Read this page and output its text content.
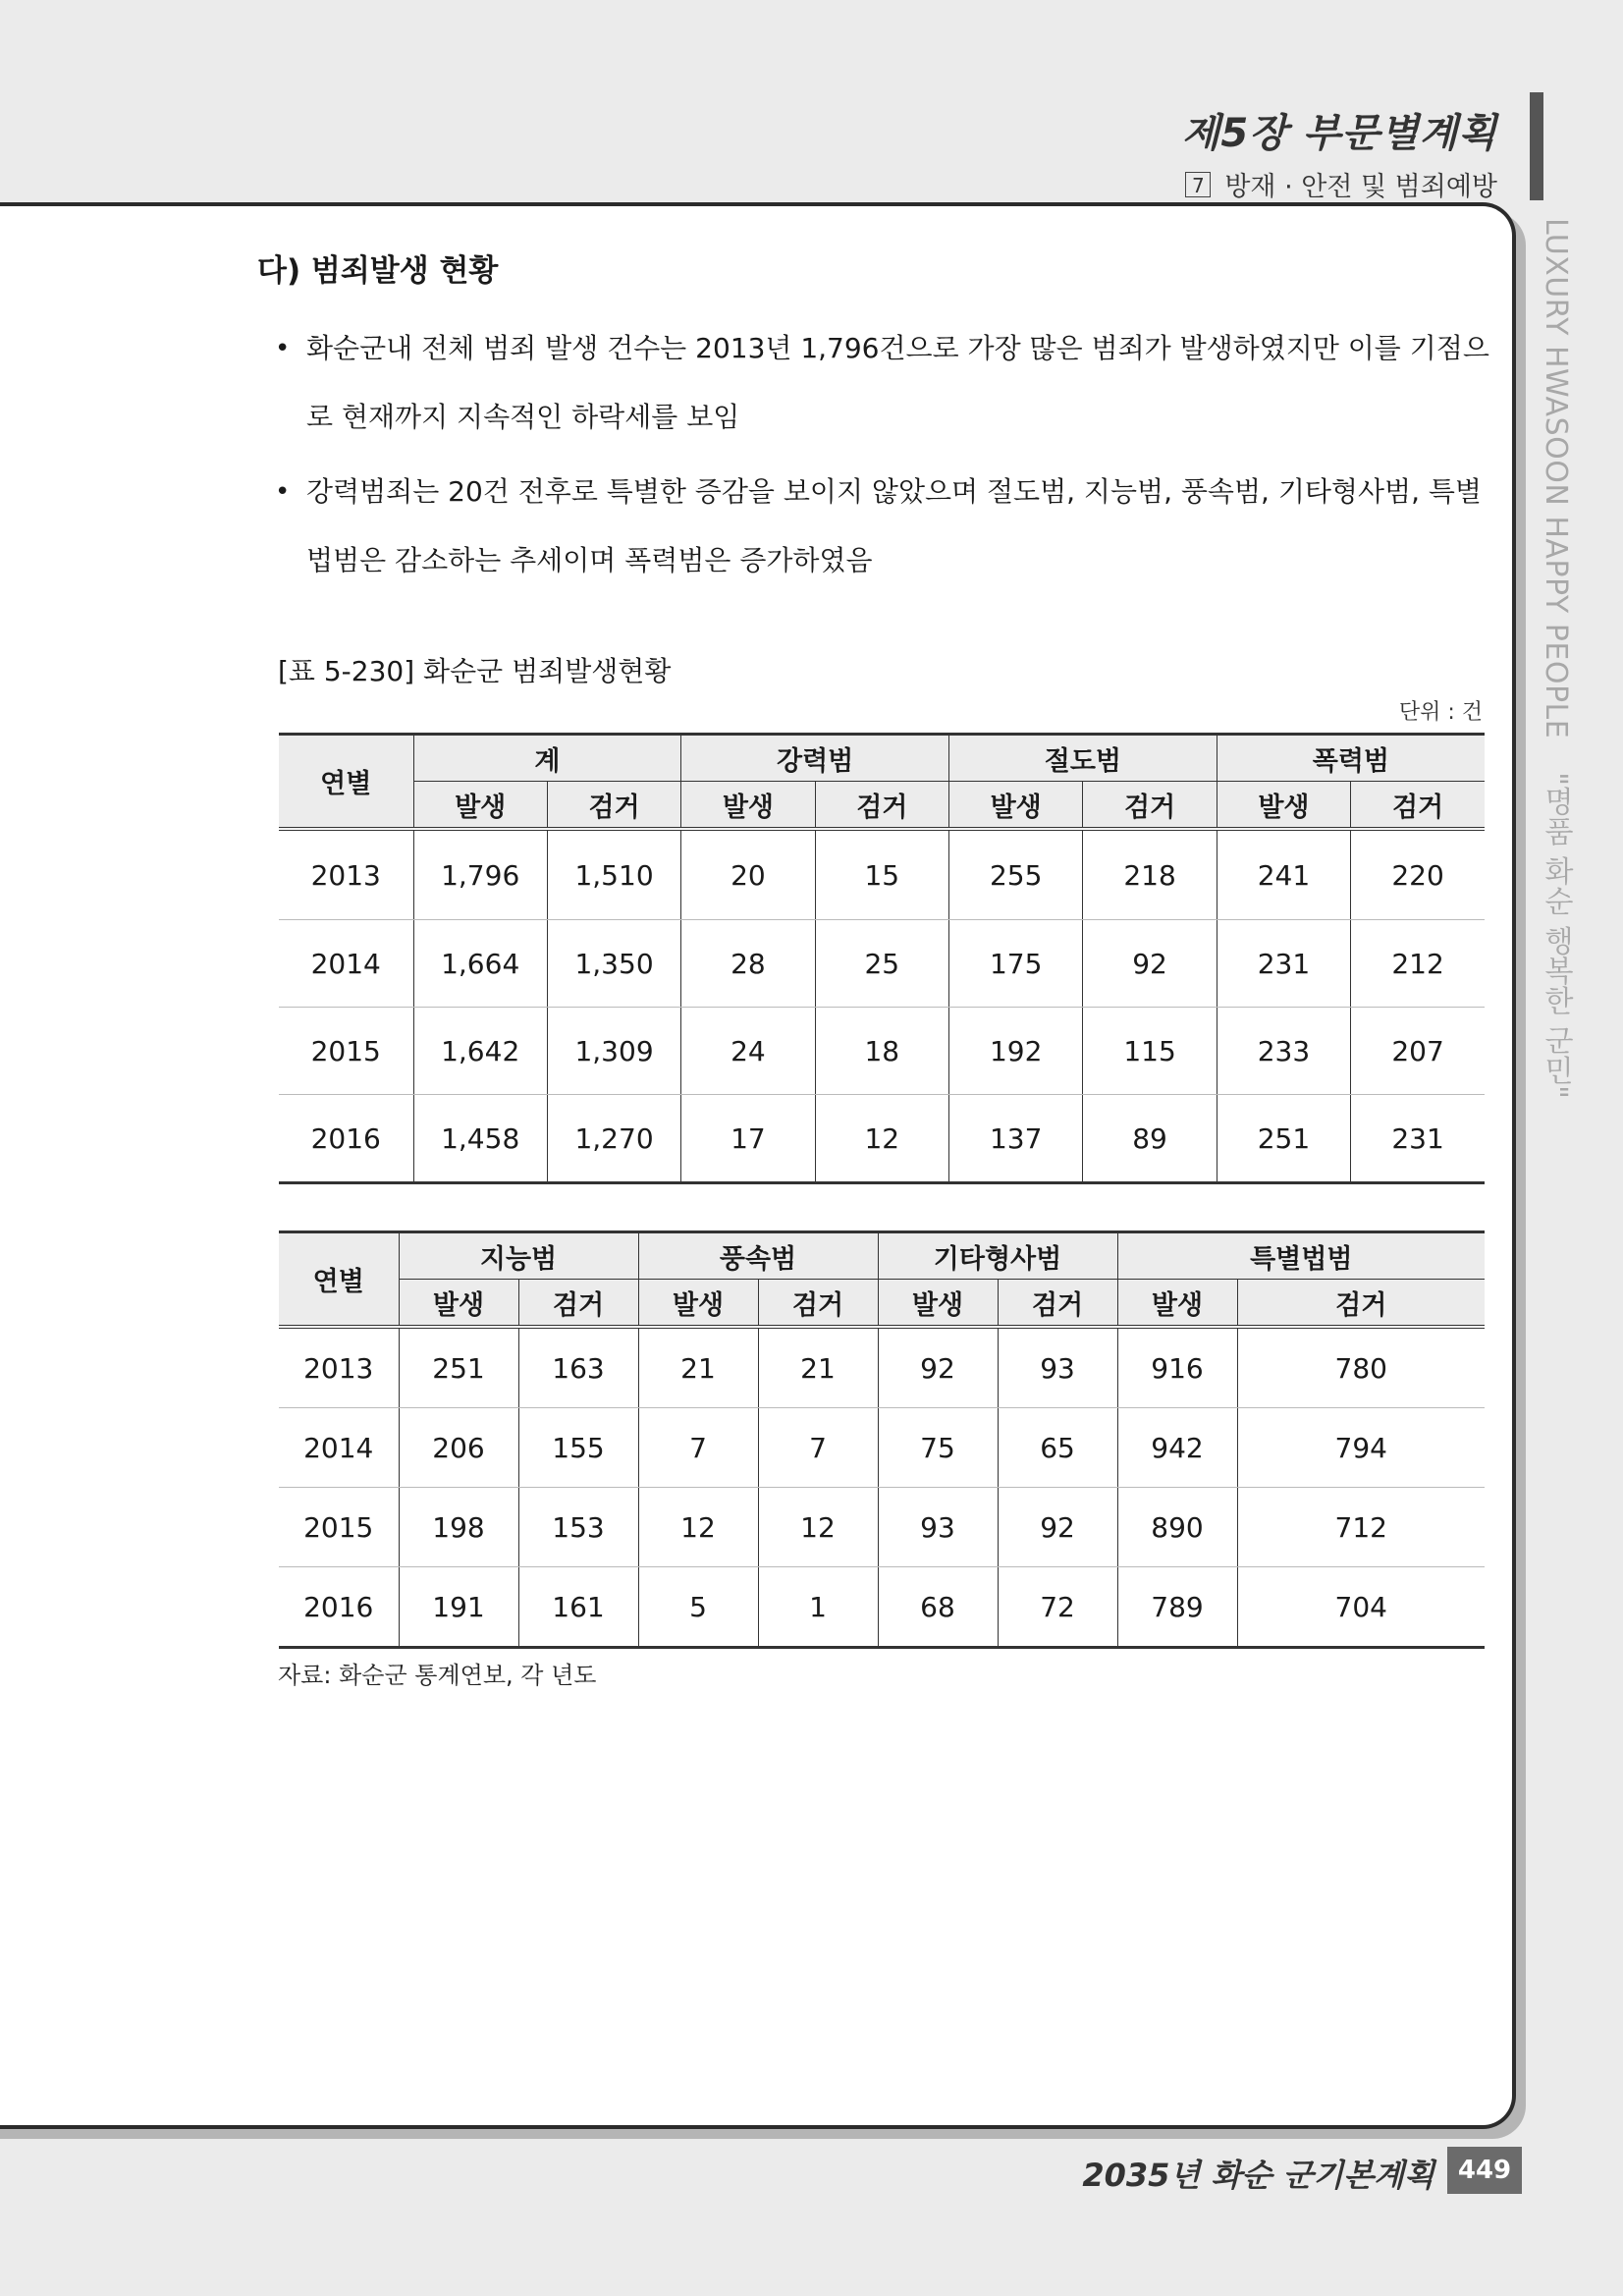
제5장 부문별계획
7 방재 · 안전 및 범죄예방
LUXURY HWASOON HAPPY PEOPLE"명품 화순 행복한 군민"
다) 범죄발생 현황
• 화순군내 전체 범죄 발생 건수는 2013년 1,796건으로 가장 많은 범죄가 발생하였지만 이를 기점으로 현재까지 지속적인 하락세를 보임
• 강력범죄는 20건 전후로 특별한 증감을 보이지 않았으며 절도범, 지능범, 풍속범, 기타형사범, 특별법범은 감소하는 추세이며 폭력범은 증가하였음
[표 5-230] 화순군 범죄발생현황
단위 : 건
연별	계		강력범		절도범		폭력범	
	발생	검거	발생	검거	발생	검거	발생	검거
2013	1,796	1,510	20	15	255	218	241	220
2014	1,664	1,350	28	25	175	92	231	212
2015	1,642	1,309	24	18	192	115	233	207
2016	1,458	1,270	17	12	137	89	251	231
연별	지능범		풍속범		기타형사범		특별법범	
	발생	검거	발생	검거	발생	검거	발생	검거
2013	251	163	21	21	92	93	916	780
2014	206	155	7	7	75	65	942	794
2015	198	153	12	12	93	92	890	712
2016	191	161	5	1	68	72	789	704
자료: 화순군 통계연보, 각 년도
2035년 화순 군기본계획 449
